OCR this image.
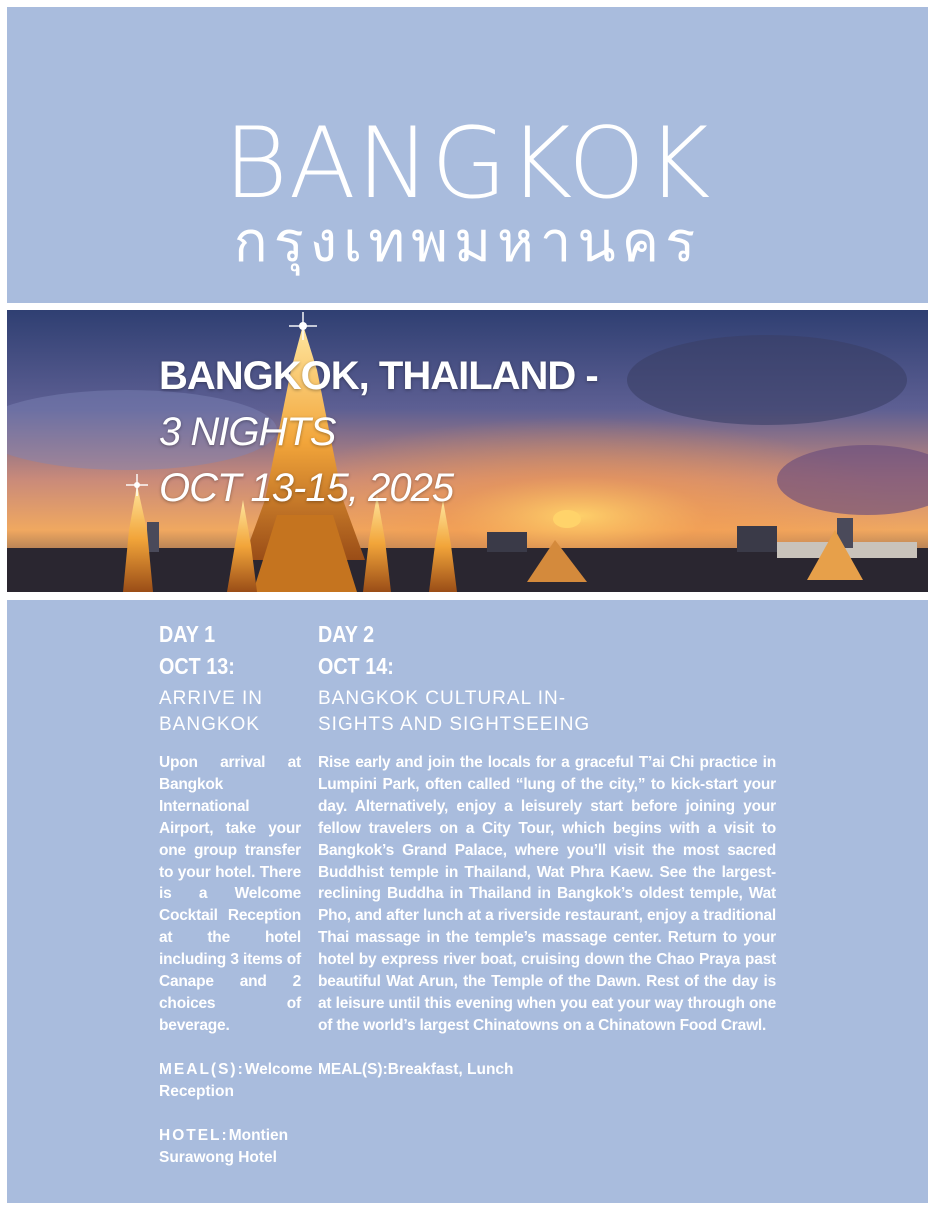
BANGKOK
กรุงเทพมหานคร
BANGKOK, THAILAND -
3 NIGHTS
OCT 13-15, 2025
DAY 1
OCT 13:
ARRIVE IN
BANGKOK
Upon arrival at Bangkok International Airport, take your one group transfer to your hotel. There is a Welcome Cocktail Reception at the hotel including 3 items of Canape and 2 choices of beverage.
MEAL(S):Welcome Reception
HOTEL:Montien Surawong Hotel
DAY 2
OCT 14:
BANGKOK CULTURAL IN-
SIGHTS AND SIGHTSEEING
Rise early and join the locals for a graceful T’ai Chi practice in Lumpini Park, often called “lung of the city,” to kick-start your day. Alternatively, enjoy a leisurely start before joining your fellow travelers on a City Tour, which begins with a visit to Bangkok’s Grand Palace, where you’ll visit the most sacred Buddhist temple in Thailand, Wat Phra Kaew. See the largest-reclining Buddha in Thailand in Bangkok’s oldest temple, Wat Pho, and after lunch at a riverside restaurant, enjoy a traditional Thai massage in the temple’s massage center. Return to your hotel by express river boat, cruising down the Chao Praya past beautiful Wat Arun, the Temple of the Dawn. Rest of the day is at leisure until this evening when you eat your way through one of the world’s largest Chinatowns on a Chinatown Food Crawl.
MEAL(S):Breakfast, Lunch
